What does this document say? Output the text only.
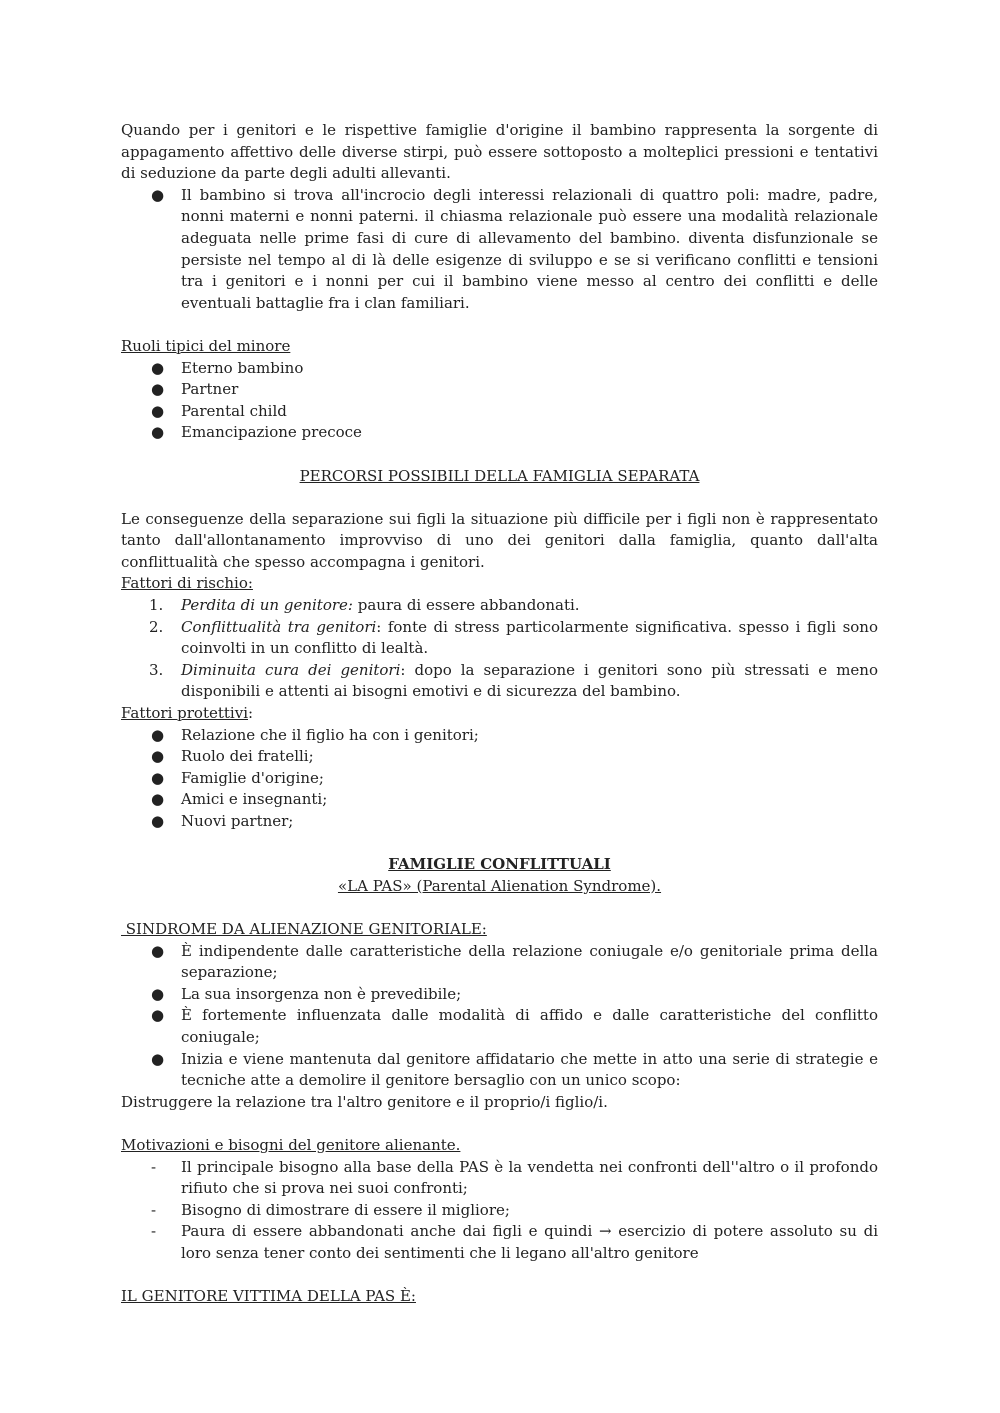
Quando per i genitori e le rispettive famiglie d'origine il bambino rappresenta la sorgente di appagamento affettivo delle diverse stirpi, può essere sottoposto a molteplici pressioni e tentativi di seduzione da parte degli adulti allevanti.

●	Il bambino si trova all'incrocio degli interessi relazionali di quattro poli: madre, padre, nonni materni e nonni paterni. il chiasma relazionale può essere una modalità relazionale adeguata nelle prime fasi di cure di allevamento del bambino. diventa disfunzionale se persiste nel tempo al di là delle esigenze di sviluppo e se si verificano conflitti e tensioni tra i genitori e i nonni per cui il bambino viene messo al centro dei conflitti e delle eventuali battaglie fra i clan familiari.

Ruoli tipici del minore

●	Eterno bambino
●	Partner
●	Parental child
●	Emancipazione precoce

PERCORSI POSSIBILI DELLA FAMIGLIA SEPARATA

Le conseguenze della separazione sui figli la situazione più difficile per i figli non è rappresentato tanto dall'allontanamento improvviso di uno dei genitori dalla famiglia, quanto dall'alta conflittualità che spesso accompagna i genitori.

Fattori di rischio:

1.	Perdita di un genitore: paura di essere abbandonati.
2.	Conflittualità tra genitori: fonte di stress particolarmente significativa. spesso i figli sono coinvolti in un conflitto di lealtà.
3.	Diminuita cura dei genitori: dopo la separazione i genitori sono più stressati e meno disponibili e attenti ai bisogni emotivi e di sicurezza del bambino.

Fattori protettivi:

●	Relazione che il figlio ha con i genitori;
●	Ruolo dei fratelli;
●	Famiglie d'origine;
●	Amici e insegnanti;
●	Nuovi partner;

FAMIGLIE CONFLITTUALI

«LA PAS» (Parental Alienation Syndrome).

SINDROME DA ALIENAZIONE GENITORIALE:

●	È indipendente dalle caratteristiche della relazione coniugale e/o genitoriale prima della separazione;
●	La sua insorgenza non è prevedibile;
●	È fortemente influenzata dalle modalità di affido e dalle caratteristiche del conflitto coniugale;
●	Inizia e viene mantenuta dal genitore affidatario che mette in atto una serie di strategie e tecniche atte a demolire il genitore bersaglio con un unico scopo:

Distruggere la relazione tra l'altro genitore e il proprio/i figlio/i.

Motivazioni e bisogni del genitore alienante.

-	Il principale bisogno alla base della PAS è la vendetta nei confronti dell''altro o il profondo rifiuto che si prova nei suoi confronti;
-	Bisogno di dimostrare di essere il migliore;
-	Paura di essere abbandonati anche dai figli e quindi → esercizio di potere assoluto su di loro senza tener conto dei sentimenti che li legano all'altro genitore

IL GENITORE VITTIMA DELLA PAS È:
